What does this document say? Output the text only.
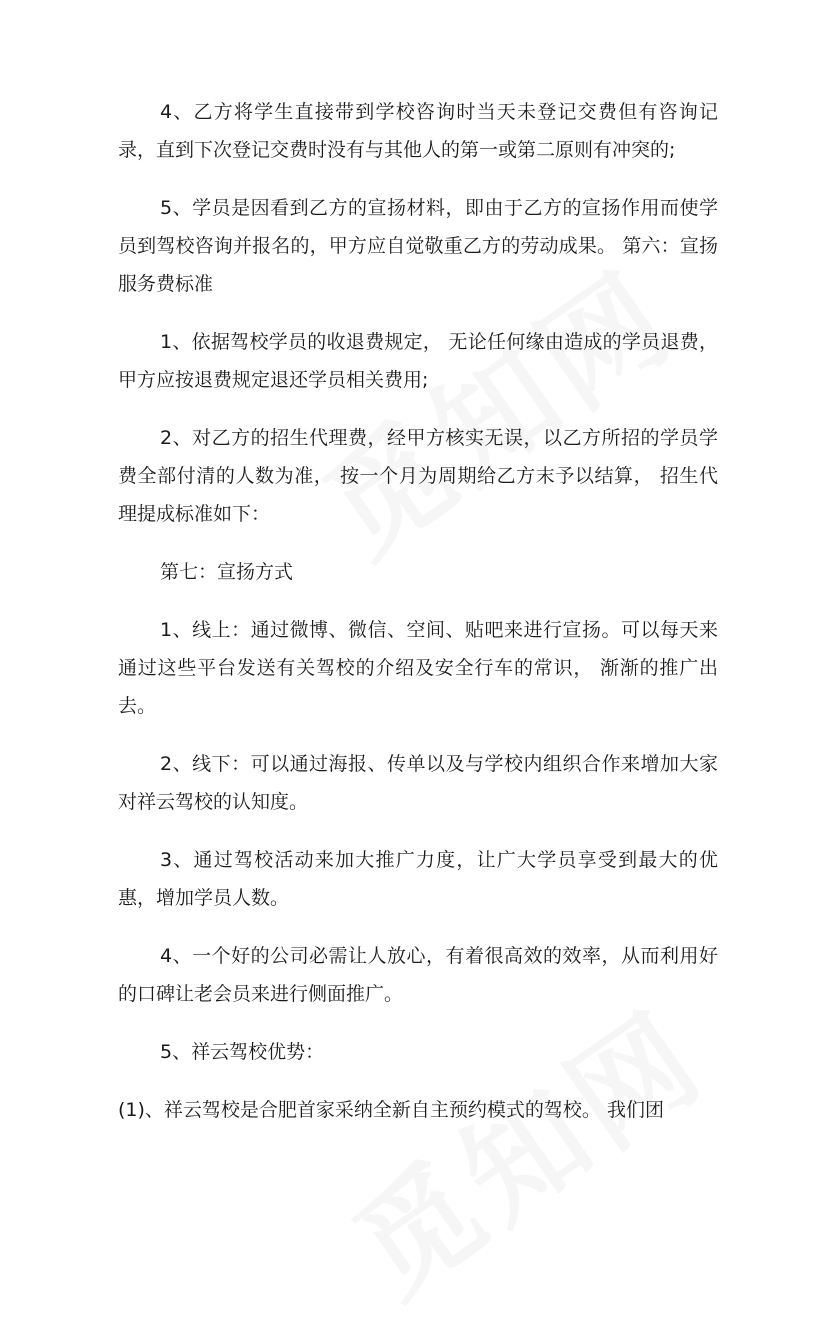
4、乙方将学生直接带到学校咨询时当天未登记交费但有咨询记录，直到下次登记交费时没有与其他人的第一或第二原则有冲突的;

5、学员是因看到乙方的宣扬材料，即由于乙方的宣扬作用而使学员到驾校咨询并报名的，甲方应自觉敬重乙方的劳动成果。 第六：宣扬服务费标准

1、依据驾校学员的收退费规定， 无论任何缘由造成的学员退费，甲方应按退费规定退还学员相关费用;

2、对乙方的招生代理费，经甲方核实无误，以乙方所招的学员学费全部付清的人数为准， 按一个月为周期给乙方末予以结算， 招生代理提成标准如下：

第七：宣扬方式

1、线上：通过微博、微信、空间、贴吧来进行宣扬。可以每天来通过这些平台发送有关驾校的介绍及安全行车的常识， 渐渐的推广出去。

2、线下：可以通过海报、传单以及与学校内组织合作来增加大家对祥云驾校的认知度。

3、通过驾校活动来加大推广力度，让广大学员享受到最大的优惠，增加学员人数。

4、一个好的公司必需让人放心，有着很高效的效率，从而利用好的口碑让老会员来进行侧面推广。

5、祥云驾校优势：

(1)、祥云驾校是合肥首家采纳全新自主预约模式的驾校。 我们团
